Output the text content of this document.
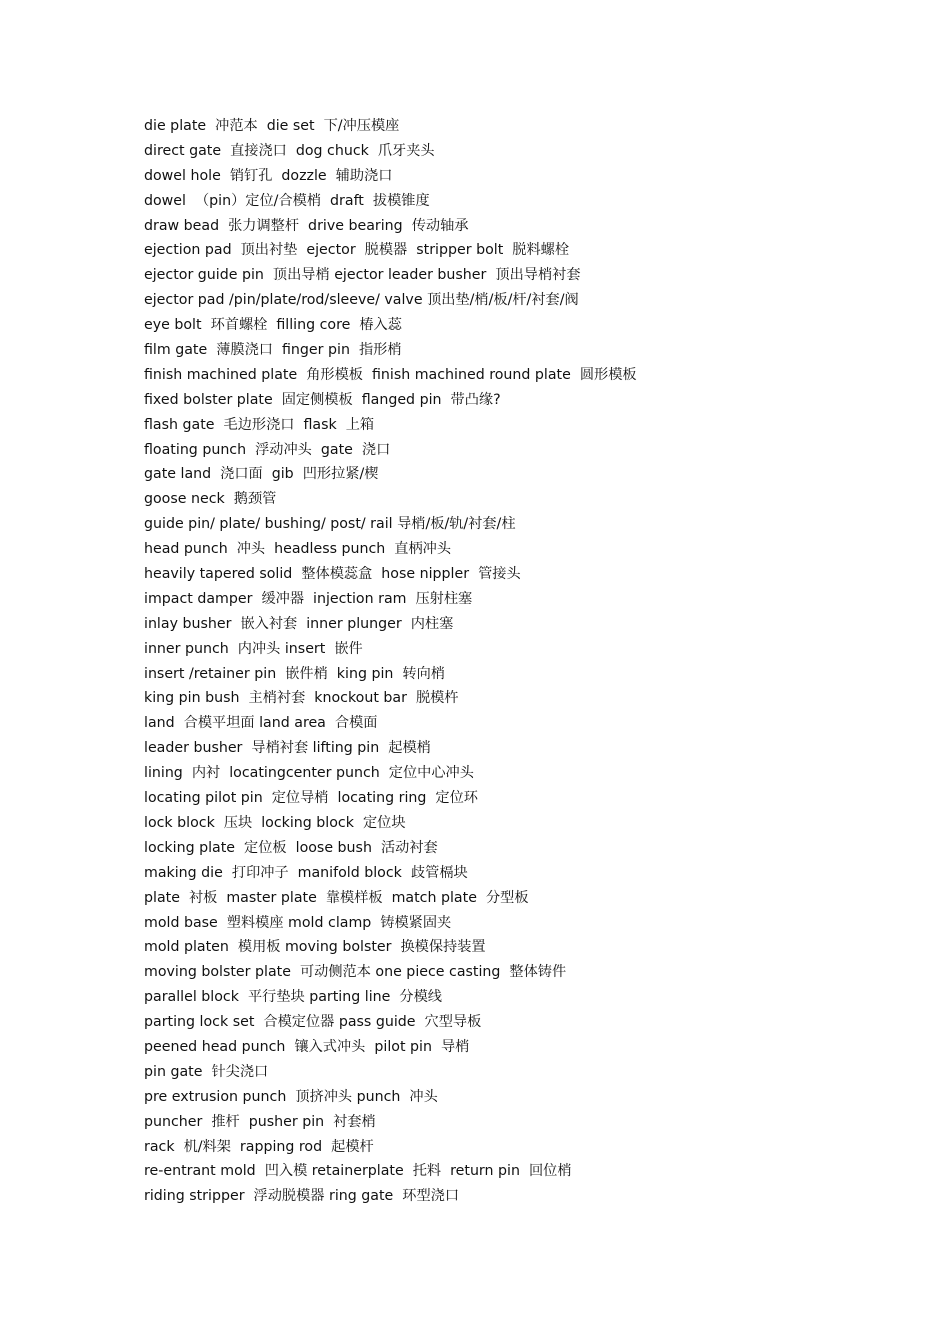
die plate  冲范本  die set  下/冲压模座
direct gate  直接浇口  dog chuck  爪牙夹头
dowel hole  销钉孔  dozzle  辅助浇口
dowel  （pin）定位/合模梢  draft  拔模锥度
draw bead  张力调整杆  drive bearing  传动轴承
ejection pad  顶出衬垫  ejector  脱模器  stripper bolt  脱料螺栓
ejector guide pin  顶出导梢 ejector leader busher  顶出导梢衬套
ejector pad /pin/plate/rod/sleeve/ valve 顶出垫/梢/板/杆/衬套/阀
eye bolt  环首螺栓  filling core  椿入蕊
film gate  薄膜浇口  finger pin  指形梢
finish machined plate  角形模板  finish machined round plate  圆形模板
fixed bolster plate  固定侧模板  flanged pin  带凸缘?
flash gate  毛边形浇口  flask  上箱
floating punch  浮动冲头  gate  浇口
gate land  浇口面  gib  凹形拉紧/楔
goose neck  鹅颈管
guide pin/ plate/ bushing/ post/ rail 导梢/板/轨/衬套/柱
head punch  冲头  headless punch  直柄冲头
heavily tapered solid  整体模蕊盒  hose nippler  管接头
impact damper  缓冲器  injection ram  压射柱塞
inlay busher  嵌入衬套  inner plunger  内柱塞
inner punch  内冲头 insert  嵌件
insert /retainer pin  嵌件梢  king pin  转向梢
king pin bush  主梢衬套  knockout bar  脱模杵
land  合模平坦面 land area  合模面
leader busher  导梢衬套 lifting pin  起模梢
lining  内衬  locatingcenter punch  定位中心冲头
locating pilot pin  定位导梢  locating ring  定位环
lock block  压块  locking block  定位块
locking plate  定位板  loose bush  活动衬套
making die  打印冲子  manifold block  歧管槅块
plate  衬板  master plate  靠模样板  match plate  分型板
mold base  塑料模座 mold clamp  铸模紧固夹
mold platen  模用板 moving bolster  换模保持装置
moving bolster plate  可动侧范本 one piece casting  整体铸件
parallel block  平行垫块 parting line  分模线
parting lock set  合模定位器 pass guide  穴型导板
peened head punch  镶入式冲头  pilot pin  导梢
pin gate  针尖浇口
pre extrusion punch  顶挤冲头 punch  冲头
puncher  推杆  pusher pin  衬套梢
rack  机/料架  rapping rod  起模杆
re-entrant mold  凹入模 retainerplate  托料  return pin  回位梢
riding stripper  浮动脱模器 ring gate  环型浇口
